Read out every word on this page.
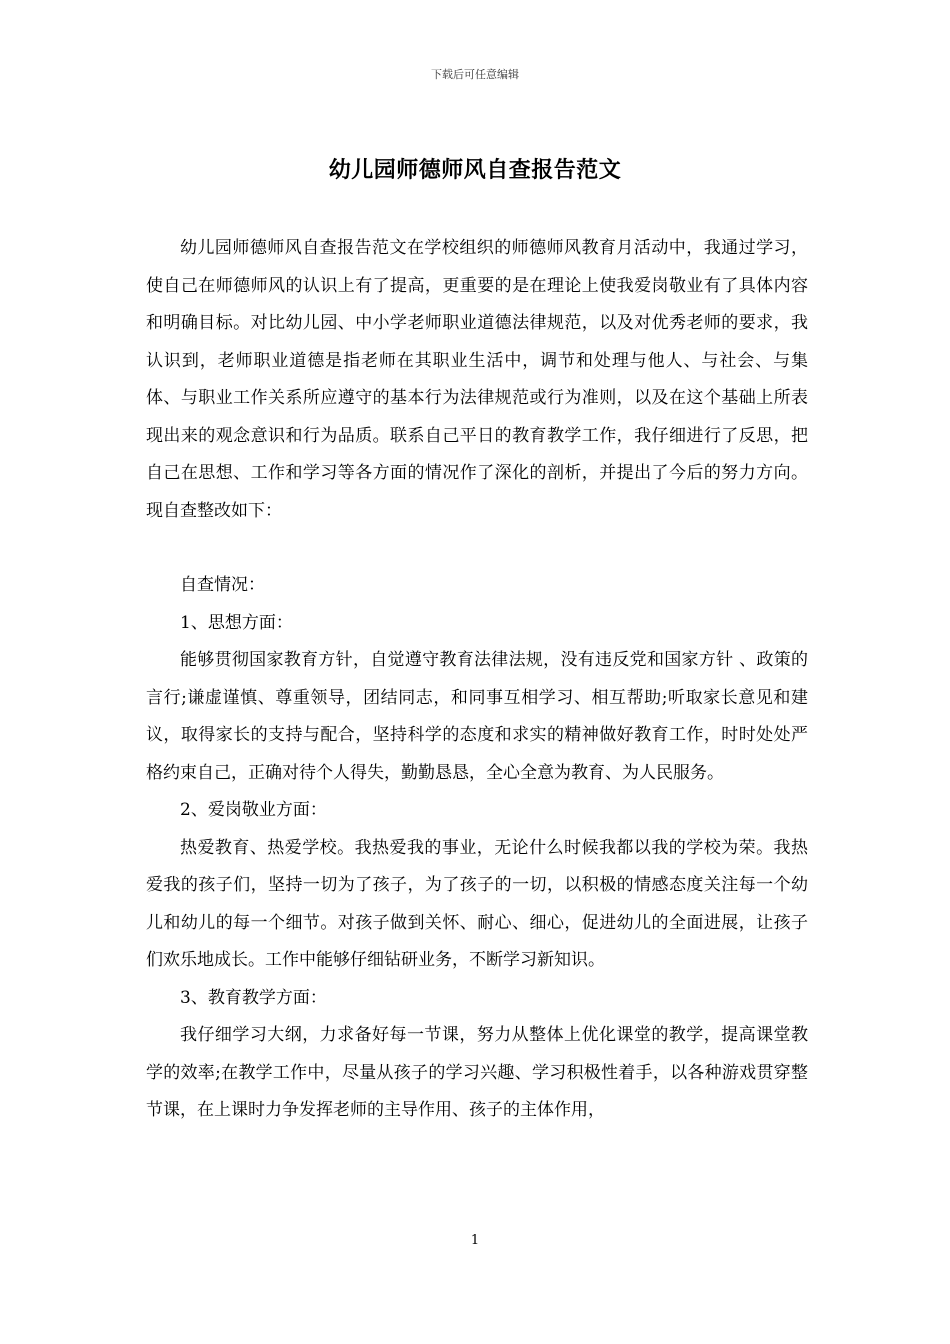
下载后可任意编辑
幼儿园师德师风自查报告范文

幼儿园师德师风自查报告范文在学校组织的师德师风教育月活动中，我通过学习，使自己在师德师风的认识上有了提高，更重要的是在理论上使我爱岗敬业有了具体内容和明确目标。对比幼儿园、中小学老师职业道德法律规范，以及对优秀老师的要求，我认识到，老师职业道德是指老师在其职业生活中，调节和处理与他人、与社会、与集体、与职业工作关系所应遵守的基本行为法律规范或行为准则，以及在这个基础上所表现出来的观念意识和行为品质。联系自己平日的教育教学工作，我仔细进行了反思，把自己在思想、工作和学习等各方面的情况作了深化的剖析，并提出了今后的努力方向。现自查整改如下：

自查情况：

1、思想方面：

能够贯彻国家教育方针，自觉遵守教育法律法规，没有违反党和国家方针 、政策的言行;谦虚谨慎、尊重领导，团结同志，和同事互相学习、相互帮助;听取家长意见和建议，取得家长的支持与配合，坚持科学的态度和求实的精神做好教育工作，时时处处严格约束自己，正确对待个人得失，勤勤恳恳，全心全意为教育、为人民服务。

2、爱岗敬业方面：

热爱教育、热爱学校。我热爱我的事业，无论什么时候我都以我的学校为荣。我热爱我的孩子们，坚持一切为了孩子，为了孩子的一切，以积极的情感态度关注每一个幼儿和幼儿的每一个细节。对孩子做到关怀、耐心、细心，促进幼儿的全面进展，让孩子们欢乐地成长。工作中能够仔细钻研业务，不断学习新知识。

3、教育教学方面：

我仔细学习大纲，力求备好每一节课，努力从整体上优化课堂的教学，提高课堂教学的效率;在教学工作中，尽量从孩子的学习兴趣、学习积极性着手，以各种游戏贯穿整节课，在上课时力争发挥老师的主导作用、孩子的主体作用，

1
